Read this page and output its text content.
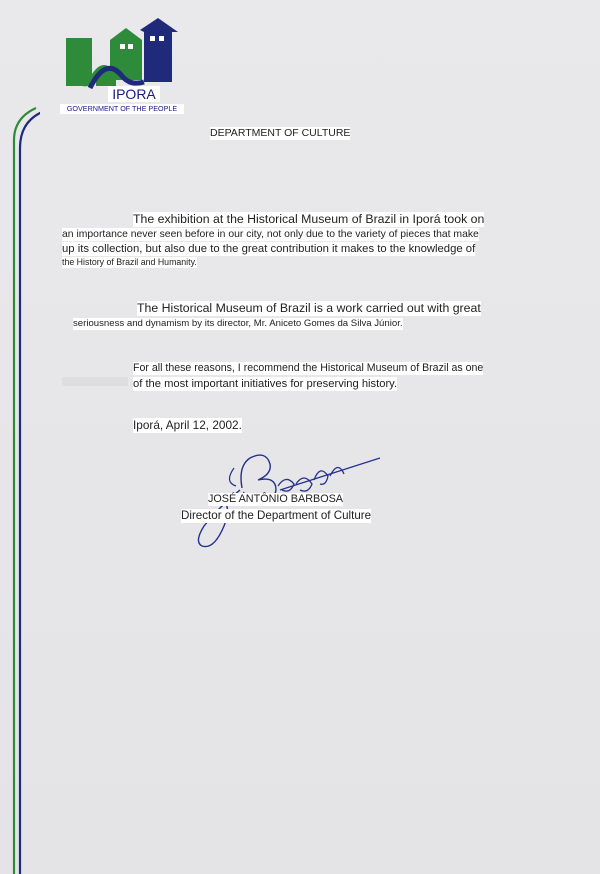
IPORA
GOVERNMENT OF THE PEOPLE
DEPARTMENT OF CULTURE
The exhibition at the Historical Museum of Brazil in Iporá took on
an importance never seen before in our city, not only due to the variety of pieces that make
up its collection, but also due to the great contribution it makes to the knowledge of
the History of Brazil and Humanity.
The Historical Museum of Brazil is a work carried out with great
seriousness and dynamism by its director, Mr. Aniceto Gomes da Silva Júnior.
For all these reasons, I recommend the Historical Museum of Brazil as one
of the most important initiatives for preserving history.
Iporá, April 12, 2002.
JOSÉ ANTÔNIO BARBOSA
Director of the Department of Culture
